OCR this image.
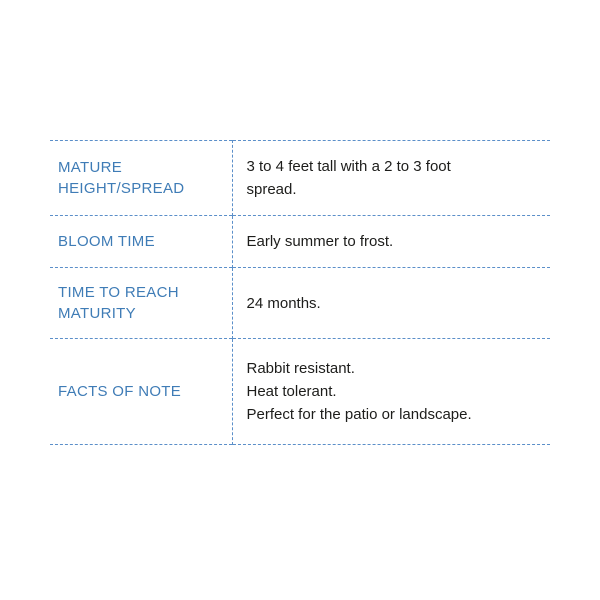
MATURE
HEIGHT/SPREAD	3 to 4 feet tall with a 2 to 3 foot
spread.

BLOOM TIME	Early summer to frost.

TIME TO REACH
MATURITY	24 months.

FACTS OF NOTE	Rabbit resistant.
Heat tolerant.
Perfect for the patio or landscape.
